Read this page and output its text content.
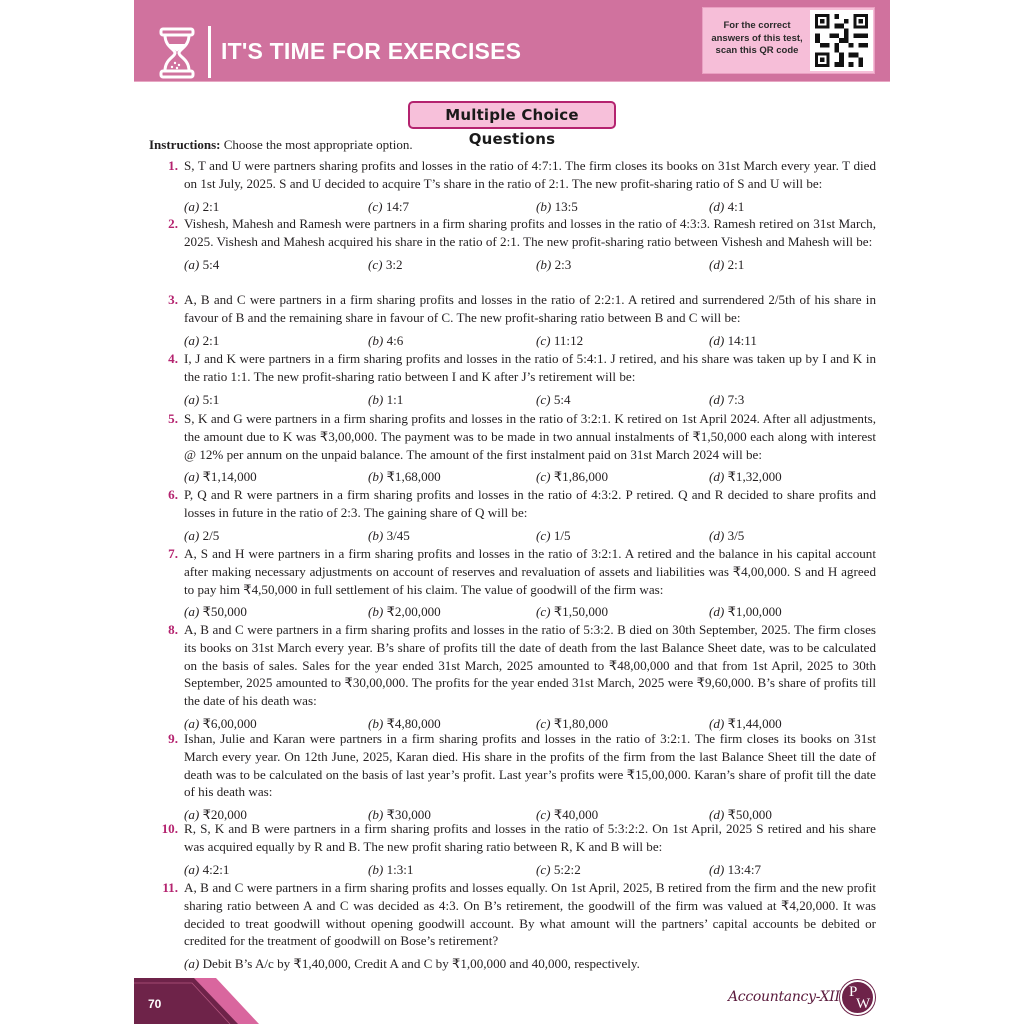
IT'S TIME FOR EXERCISES
For the correct answers of this test, scan this QR code
Multiple Choice Questions
Instructions: Choose the most appropriate option.
1. S, T and U were partners sharing profits and losses in the ratio of 4:7:1. The firm closes its books on 31st March every year. T died on 1st July, 2025. S and U decided to acquire T’s share in the ratio of 2:1. The new profit-sharing ratio of S and U will be:
(a) 2:1	(c) 14:7	(b) 13:5	(d) 4:1
2. Vishesh, Mahesh and Ramesh were partners in a firm sharing profits and losses in the ratio of 4:3:3. Ramesh retired on 31st March, 2025. Vishesh and Mahesh acquired his share in the ratio of 2:1. The new profit-sharing ratio between Vishesh and Mahesh will be:
(a) 5:4	(c) 3:2	(b) 2:3	(d) 2:1
3. A, B and C were partners in a firm sharing profits and losses in the ratio of 2:2:1. A retired and surrendered 2/5th of his share in favour of B and the remaining share in favour of C. The new profit-sharing ratio between B and C will be:
(a) 2:1	(b) 4:6	(c) 11:12	(d) 14:11
4. I, J and K were partners in a firm sharing profits and losses in the ratio of 5:4:1. J retired, and his share was taken up by I and K in the ratio 1:1. The new profit-sharing ratio between I and K after J’s retirement will be:
(a) 5:1	(b) 1:1	(c) 5:4	(d) 7:3
5. S, K and G were partners in a firm sharing profits and losses in the ratio of 3:2:1. K retired on 1st April 2024. After all adjustments, the amount due to K was ₹3,00,000. The payment was to be made in two annual instalments of ₹1,50,000 each along with interest @ 12% per annum on the unpaid balance. The amount of the first instalment paid on 31st March 2024 will be:
(a) ₹1,14,000	(b) ₹1,68,000	(c) ₹1,86,000	(d) ₹1,32,000
6. P, Q and R were partners in a firm sharing profits and losses in the ratio of 4:3:2. P retired. Q and R decided to share profits and losses in future in the ratio of 2:3. The gaining share of Q will be:
(a) 2/5	(b) 3/45	(c) 1/5	(d) 3/5
7. A, S and H were partners in a firm sharing profits and losses in the ratio of 3:2:1. A retired and the balance in his capital account after making necessary adjustments on account of reserves and revaluation of assets and liabilities was ₹4,00,000. S and H agreed to pay him ₹4,50,000 in full settlement of his claim. The value of goodwill of the firm was:
(a) ₹50,000	(b) ₹2,00,000	(c) ₹1,50,000	(d) ₹1,00,000
8. A, B and C were partners in a firm sharing profits and losses in the ratio of 5:3:2. B died on 30th September, 2025. The firm closes its books on 31st March every year. B’s share of profits till the date of death from the last Balance Sheet date, was to be calculated on the basis of sales. Sales for the year ended 31st March, 2025 amounted to ₹48,00,000 and that from 1st April, 2025 to 30th September, 2025 amounted to ₹30,00,000. The profits for the year ended 31st March, 2025 were ₹9,60,000. B’s share of profits till the date of his death was:
(a) ₹6,00,000	(b) ₹4,80,000	(c) ₹1,80,000	(d) ₹1,44,000
9. Ishan, Julie and Karan were partners in a firm sharing profits and losses in the ratio of 3:2:1. The firm closes its books on 31st March every year. On 12th June, 2025, Karan died. His share in the profits of the firm from the last Balance Sheet till the date of death was to be calculated on the basis of last year’s profit. Last year’s profits were ₹15,00,000. Karan’s share of profit till the date of his death was:
(a) ₹20,000	(b) ₹30,000	(c) ₹40,000	(d) ₹50,000
10. R, S, K and B were partners in a firm sharing profits and losses in the ratio of 5:3:2:2. On 1st April, 2025 S retired and his share was acquired equally by R and B. The new profit sharing ratio between R, K and B will be:
(a) 4:2:1	(b) 1:3:1	(c) 5:2:2	(d) 13:4:7
11. A, B and C were partners in a firm sharing profits and losses equally. On 1st April, 2025, B retired from the firm and the new profit sharing ratio between A and C was decided as 4:3. On B’s retirement, the goodwill of the firm was valued at ₹4,20,000. It was decided to treat goodwill without opening goodwill account. By what amount will the partners’ capital accounts be debited or credited for the treatment of goodwill on Bose’s retirement?
(a) Debit B’s A/c by ₹1,40,000, Credit A and C by ₹1,00,000 and 40,000, respectively.
70	Accountancy-XII P
W
